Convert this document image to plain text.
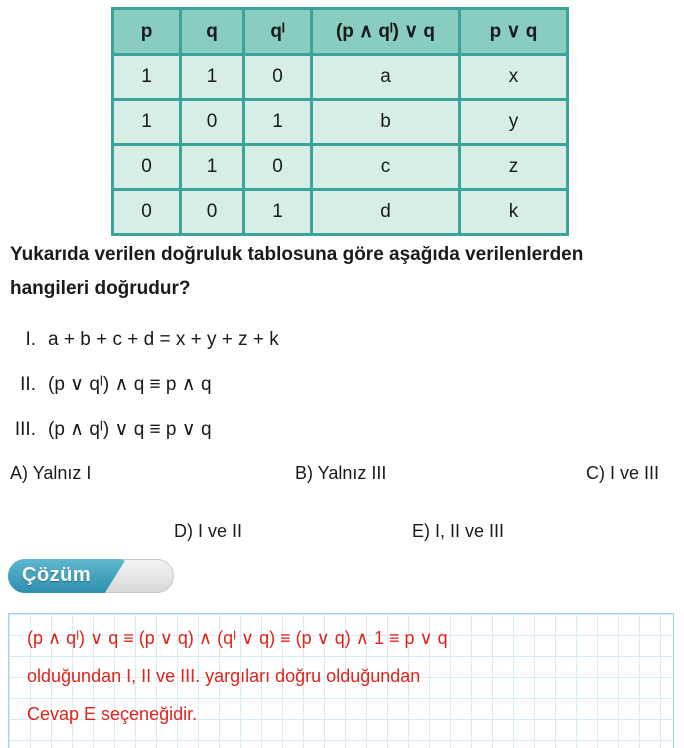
p	q	qˡ	(p ∧ qˡ) ∨ q	p ∨ q
1	1	0	a	x
1	0	1	b	y
0	1	0	c	z
0	0	1	d	k
Yukarıda verilen doğruluk tablosuna göre aşağıda verilenlerden
hangileri doğrudur?
I. a + b + c + d = x + y + z + k
II. (p ∨ qˡ) ∧ q ≡ p ∧ q
III. (p ∧ qˡ) ∨ q ≡ p ∨ q
A) Yalnız I	B) Yalnız III	C) I ve III
D) I ve II	E) I, II ve III
Çözüm
(p ∧ qˡ) ∨ q ≡ (p ∨ q) ∧ (qˡ ∨ q) ≡ (p ∨ q) ∧ 1 ≡ p ∨ q
olduğundan I, II ve III. yargıları doğru olduğundan
Cevap E seçeneğidir.
